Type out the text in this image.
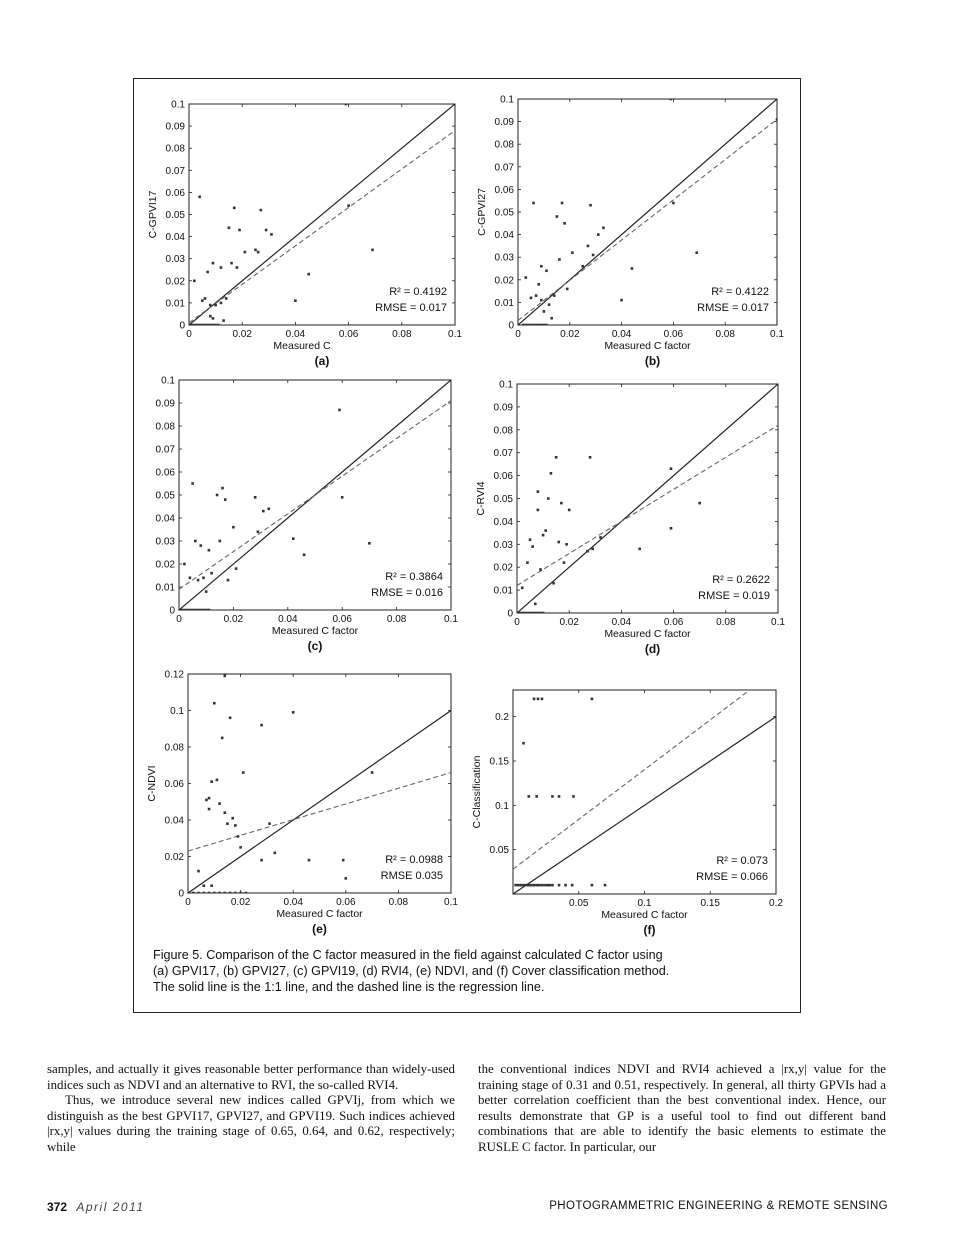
0	0.02	0.04	0.06	0.08	0.1
0
0.01
0.02
0.03
0.04
0.05
0.06
0.07
0.08
0.09
0.1
R² = 0.4192
RMSE = 0.017
Measured C
C-GPVI17
(a)
0	0.02	0.04	0.06	0.08	0.1
0
0.01
0.02
0.03
0.04
0.05
0.06
0.07
0.08
0.09
0.1
R² = 0.4122
RMSE = 0.017
Measured C factor
C-GPVI27
(b)
0	0.02	0.04	0.06	0.08	0.1
0
0.01
0.02
0.03
0.04
0.05
0.06
0.07
0.08
0.09
0.1
R² = 0.3864
RMSE = 0.016
Measured C factor
(c)
0	0.02	0.04	0.06	0.08	0.1
0
0.01
0.02
0.03
0.04
0.05
0.06
0.07
0.08
0.09
0.1
R² = 0.2622
RMSE = 0.019
Measured C factor
C-RVI4
(d)
0	0.02	0.04	0.06	0.08	0.1
0
0.02
0.04
0.06
0.08
0.1
0.12
R² = 0.0988
RMSE 0.035
Measured C factor
C-NDVI
(e)
0.05	0.1	0.15	0.2
0.05
0.1
0.15
0.2
R² = 0.073
RMSE = 0.066
Measured C factor
C-Classification
(f)
Figure 5. Comparison of the C factor measured in the field against calculated C factor using
(a) GPVI17, (b) GPVI27, (c) GPVI19, (d) RVI4, (e) NDVI, and (f) Cover classification method.
The solid line is the 1:1 line, and the dashed line is the regression line.

samples, and actually it gives reasonable better performance than widely-used indices such as NDVI and an alternative to RVI, the so-called RVI4.

Thus, we introduce several new indices called GPVIj, from which we distinguish as the best GPVI17, GPVI27, and GPVI19. Such indices achieved |rx,y| values during the training stage of 0.65, 0.64, and 0.62, respectively; while

the conventional indices NDVI and RVI4 achieved a |rx,y| value for the training stage of 0.31 and 0.51, respectively. In general, all thirty GPVIs had a better correlation coefficient than the best conventional index. Hence, our results demonstrate that GP is a useful tool to find out different band combinations that are able to identify the basic elements to estimate the RUSLE C factor. In particular, our

372 April 2011	PHOTOGRAMMETRIC ENGINEERING & REMOTE SENSING
